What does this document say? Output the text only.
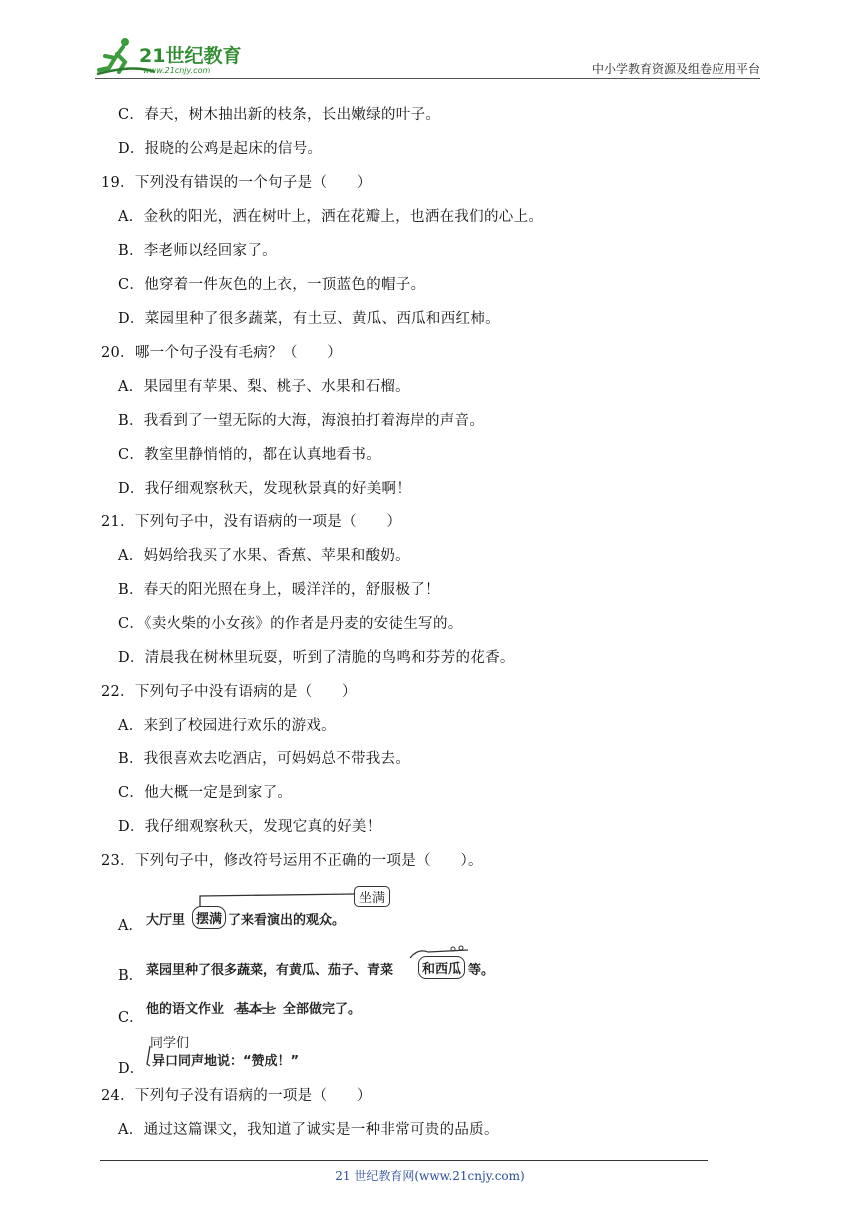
21世纪教育
www.21cnjy.com	中小学教育资源及组卷应用平台
C．春天，树木抽出新的枝条，长出嫩绿的叶子。
D．报晓的公鸡是起床的信号。
19．下列没有错误的一个句子是（　　）
A．金秋的阳光，洒在树叶上，洒在花瓣上，也洒在我们的心上。
B．李老师以经回家了。
C．他穿着一件灰色的上衣，一顶蓝色的帽子。
D．菜园里种了很多蔬菜，有土豆、黄瓜、西瓜和西红柿。
20．哪一个句子没有毛病？（　　）
A．果园里有苹果、梨、桃子、水果和石榴。
B．我看到了一望无际的大海，海浪拍打着海岸的声音。
C．教室里静悄悄的，都在认真地看书。
D．我仔细观察秋天，发现秋景真的好美啊！
21．下列句子中，没有语病的一项是（　　）
A．妈妈给我买了水果、香蕉、苹果和酸奶。
B．春天的阳光照在身上，暖洋洋的，舒服极了！
C．《卖火柴的小女孩》的作者是丹麦的安徒生写的。
D．清晨我在树林里玩耍，听到了清脆的鸟鸣和芬芳的花香。
22．下列句子中没有语病的是（　　）
A．来到了校园进行欢乐的游戏。
B．我很喜欢去吃酒店，可妈妈总不带我去。
C．他大概一定是到家了。
D．我仔细观察秋天，发现它真的好美！
23．下列句子中，修改符号运用不正确的一项是（　　）。
A． 大厅里 摆满 了来看演出的观众。
坐满
B． 菜园里种了很多蔬菜，有黄瓜、茄子、青菜	和西瓜 等。
C．
他的语文作业 基本上 全部做完了。
D．
同学们
异口同声地说：“赞成！”
24．下列句子没有语病的一项是（　　）
A．通过这篇课文，我知道了诚实是一种非常可贵的品质。
21 世纪教育网(www.21cnjy.com)
